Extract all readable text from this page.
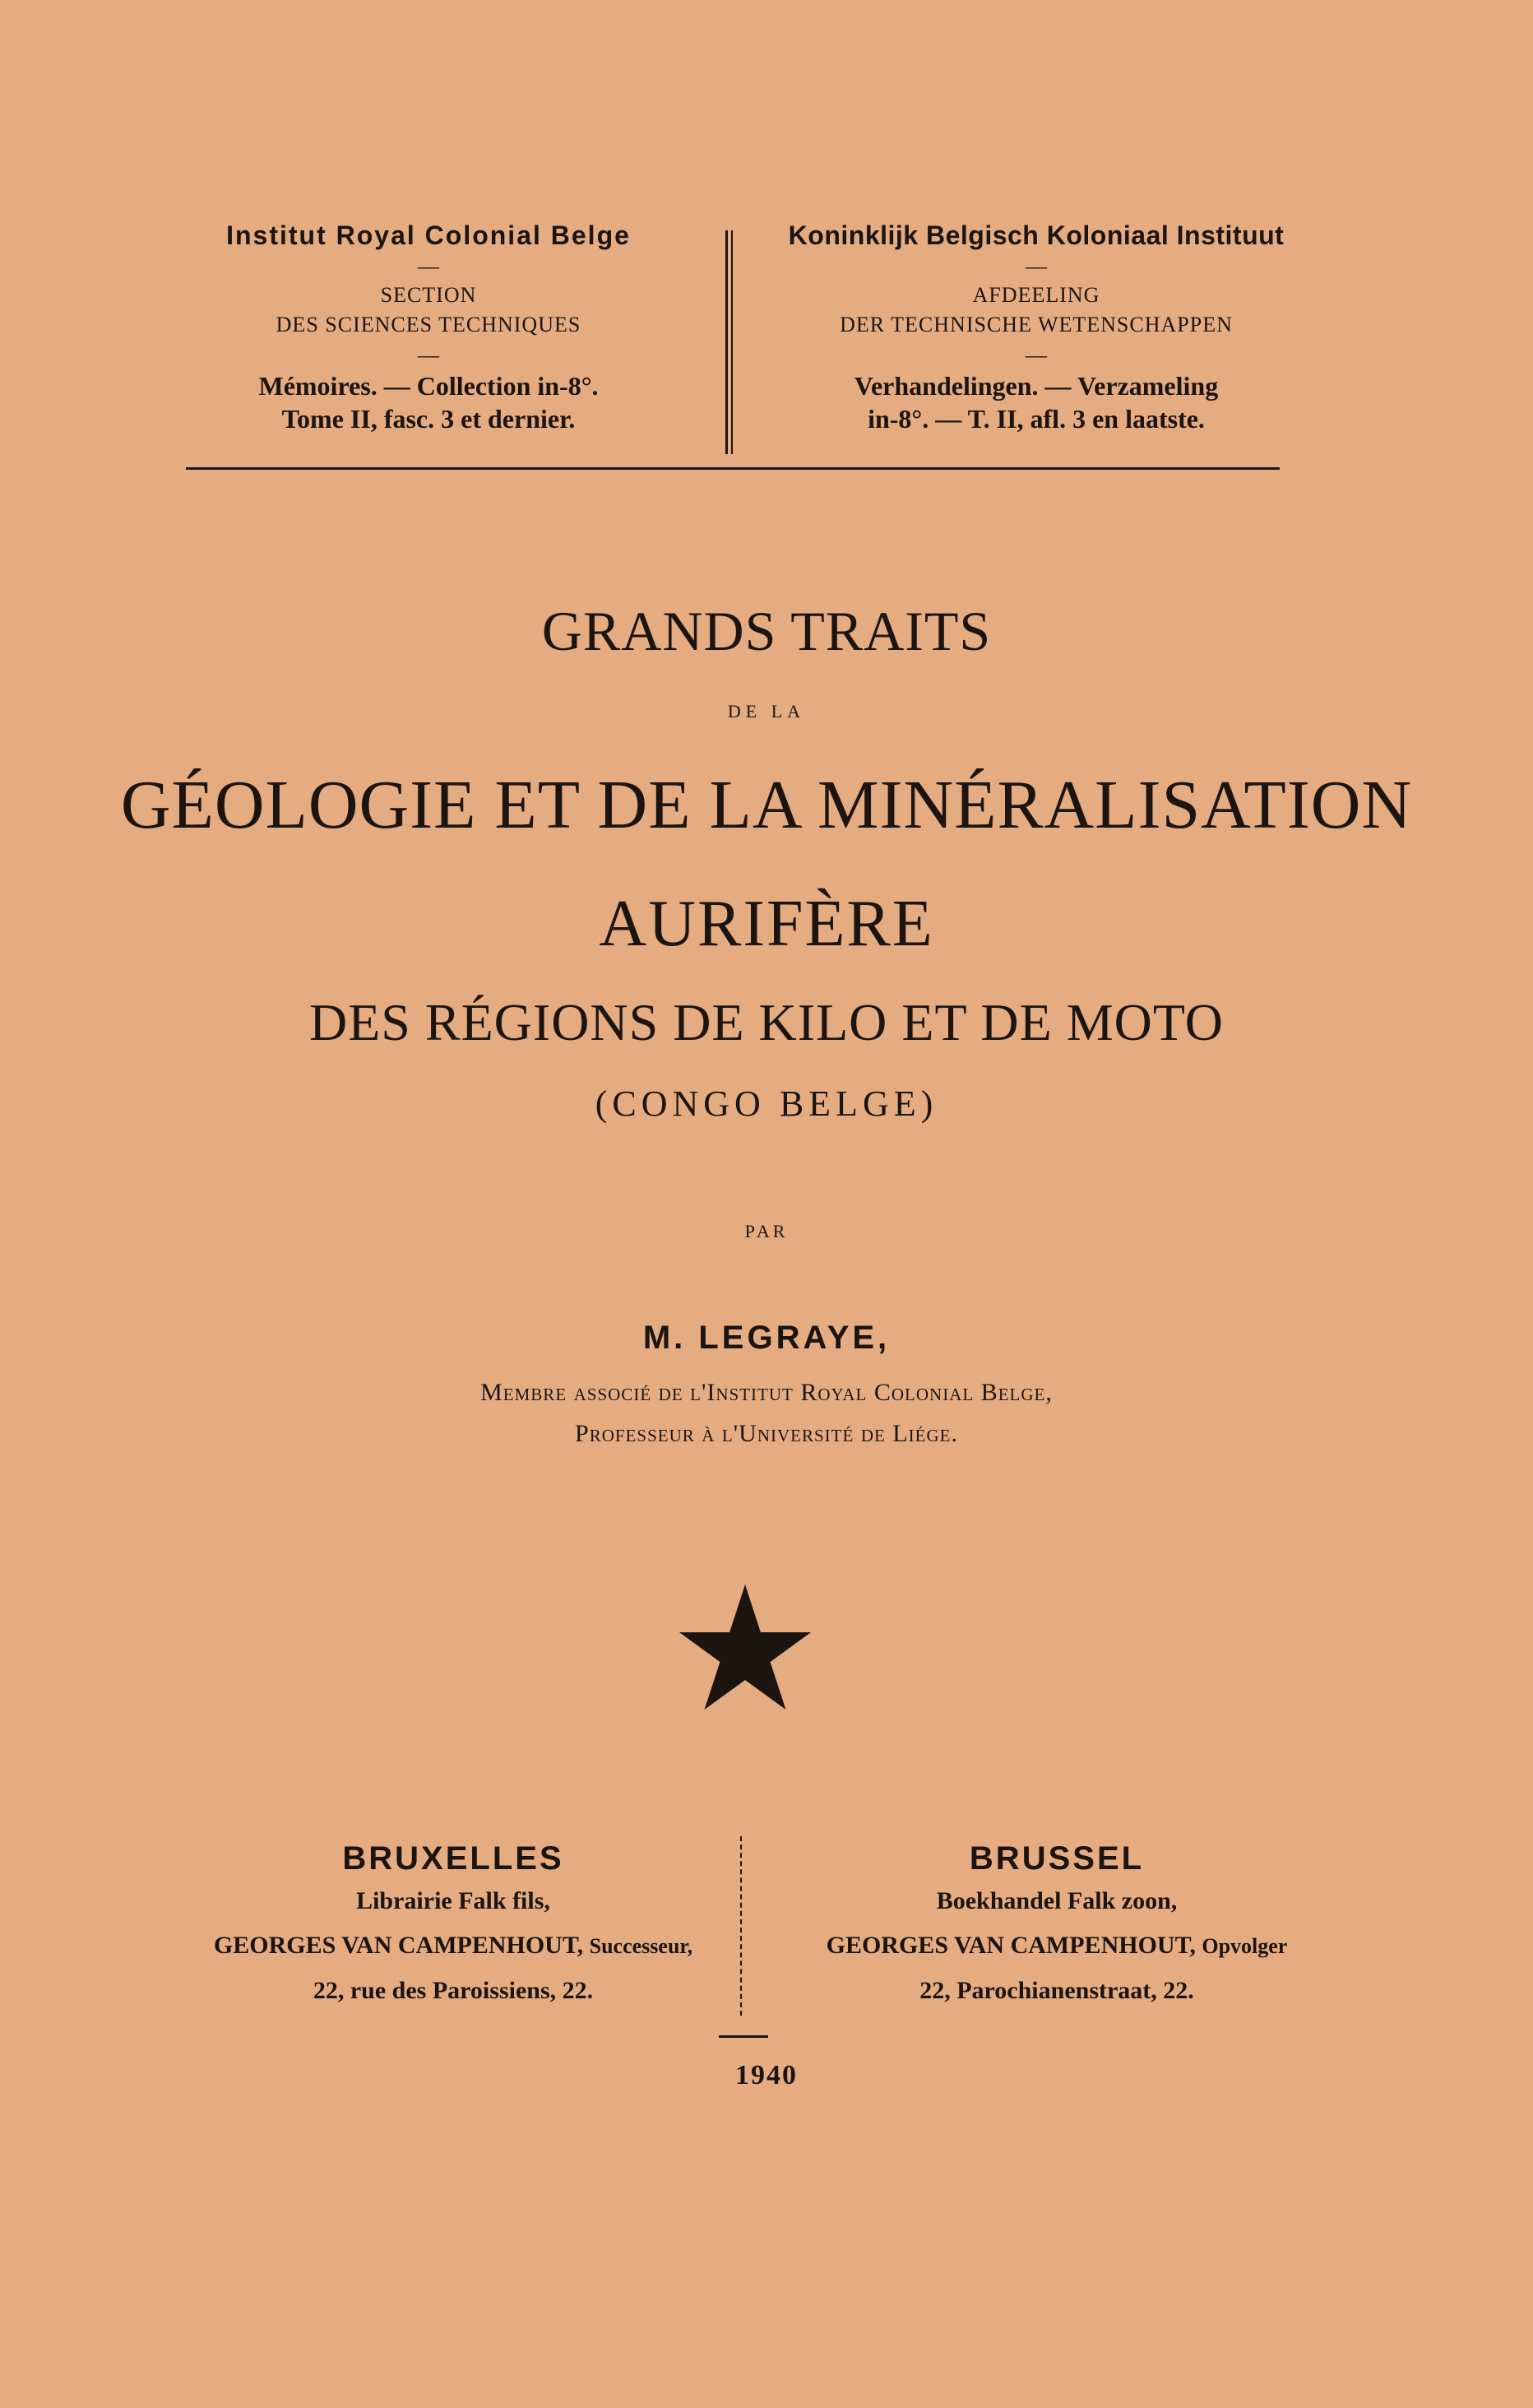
Institut Royal Colonial Belge
—
SECTION
DES SCIENCES TECHNIQUES
—
Mémoires. — Collection in-8°.
Tome II, fasc. 3 et dernier.
Koninklijk Belgisch Koloniaal Instituut
—
AFDEELING
DER TECHNISCHE WETENSCHAPPEN
—
Verhandelingen. — Verzameling
in-8°. — T. II, afl. 3 en laatste.
GRANDS TRAITS
DE LA
GÉOLOGIE ET DE LA MINÉRALISATION
AURIFÈRE
DES RÉGIONS DE KILO ET DE MOTO
(CONGO BELGE)
PAR
M. LEGRAYE,
Membre associé de l'Institut Royal Colonial Belge,
Professeur à l'Université de Liége.
BRUXELLES
Librairie Falk fils,
GEORGES VAN CAMPENHOUT, Successeur,
22, rue des Paroissiens, 22.
BRUSSEL
Boekhandel Falk zoon,
GEORGES VAN CAMPENHOUT, Opvolger
22, Parochianenstraat, 22.
1940
